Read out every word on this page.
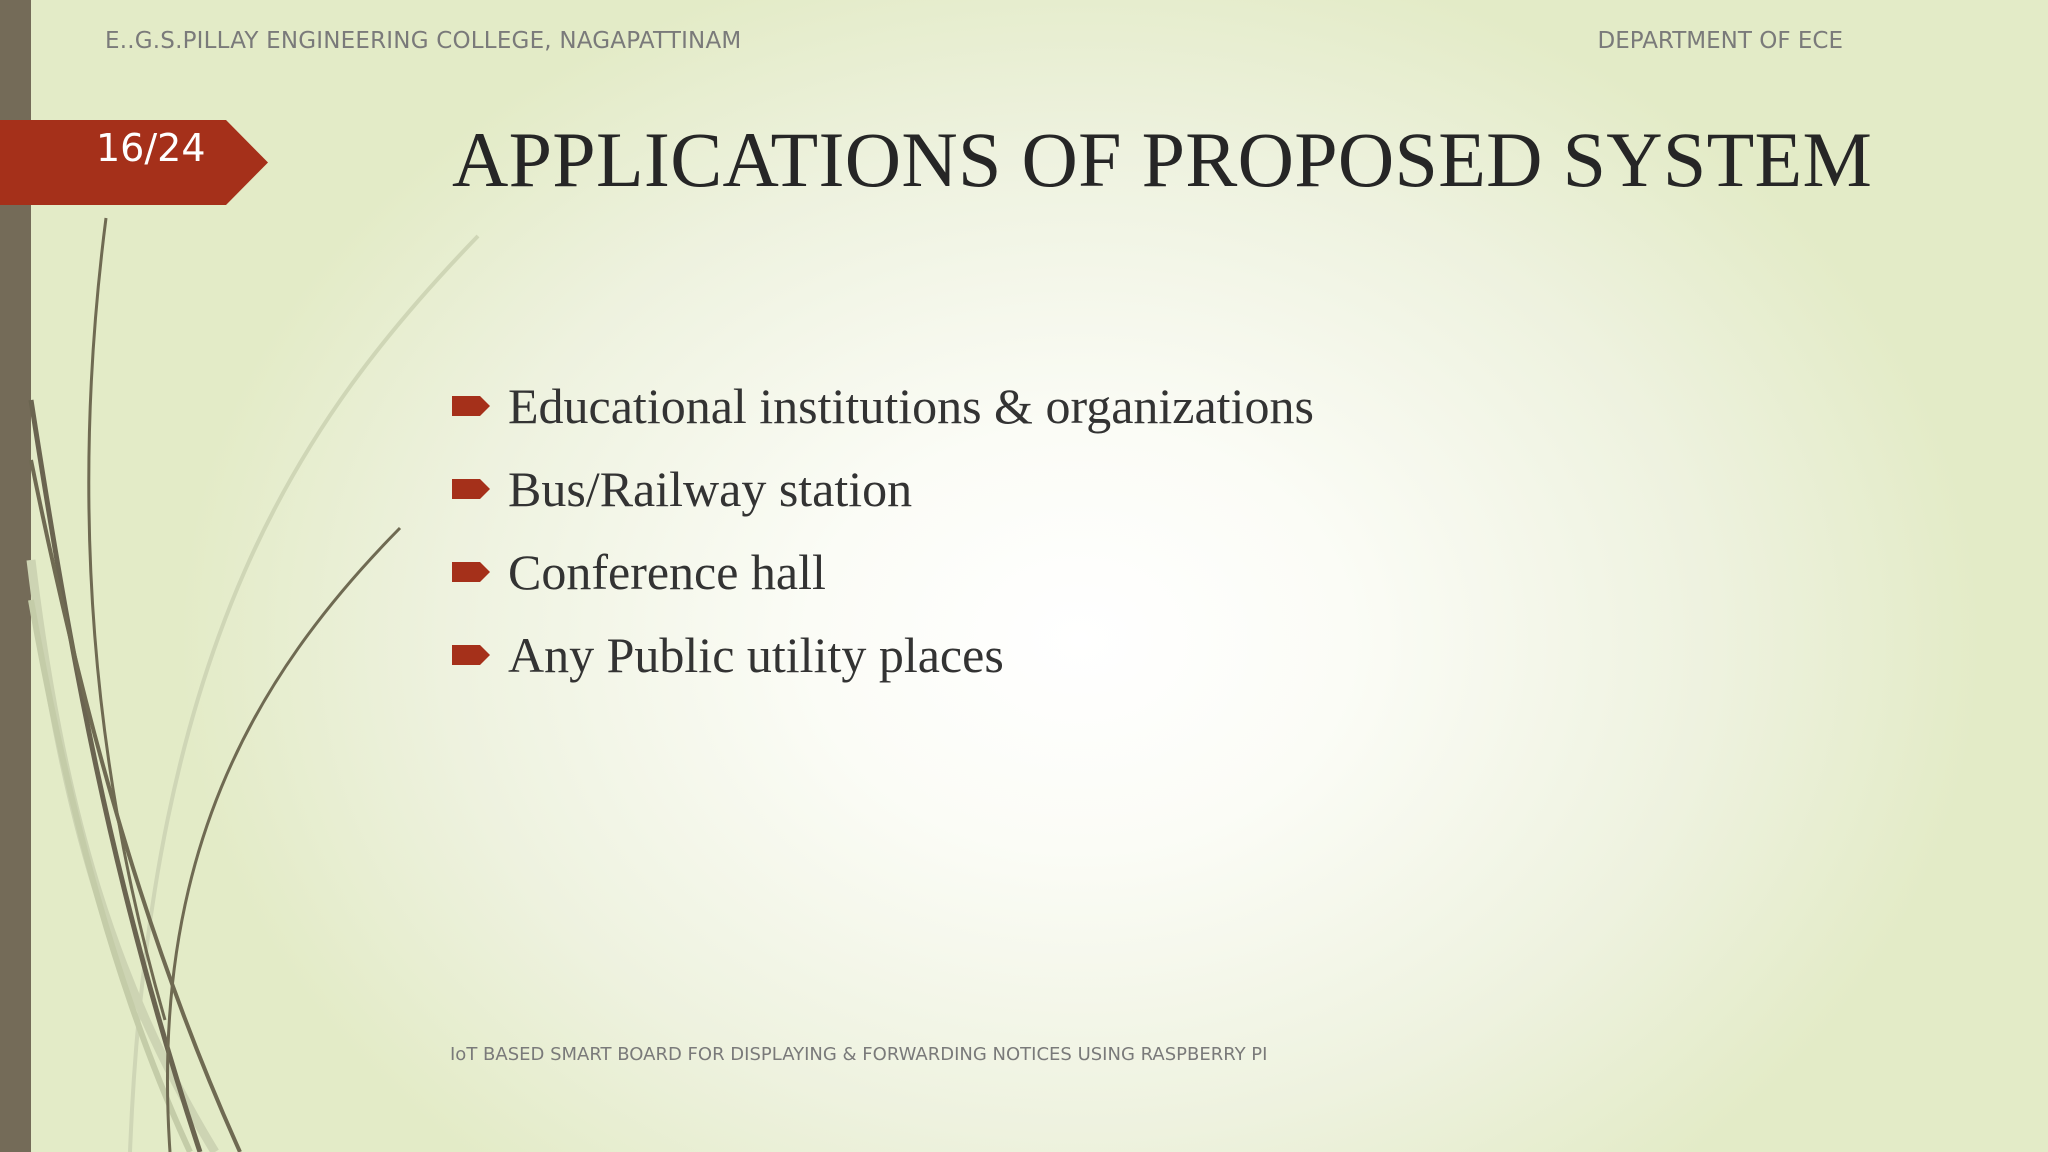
E..G.S.PILLAY ENGINEERING COLLEGE, NAGAPATTINAM	DEPARTMENT OF ECE
16/24	APPLICATIONS OF PROPOSED SYSTEM
Educational institutions & organizations
Bus/Railway station
Conference hall
Any Public utility places
IoT BASED SMART BOARD FOR DISPLAYING & FORWARDING NOTICES USING RASPBERRY PI
